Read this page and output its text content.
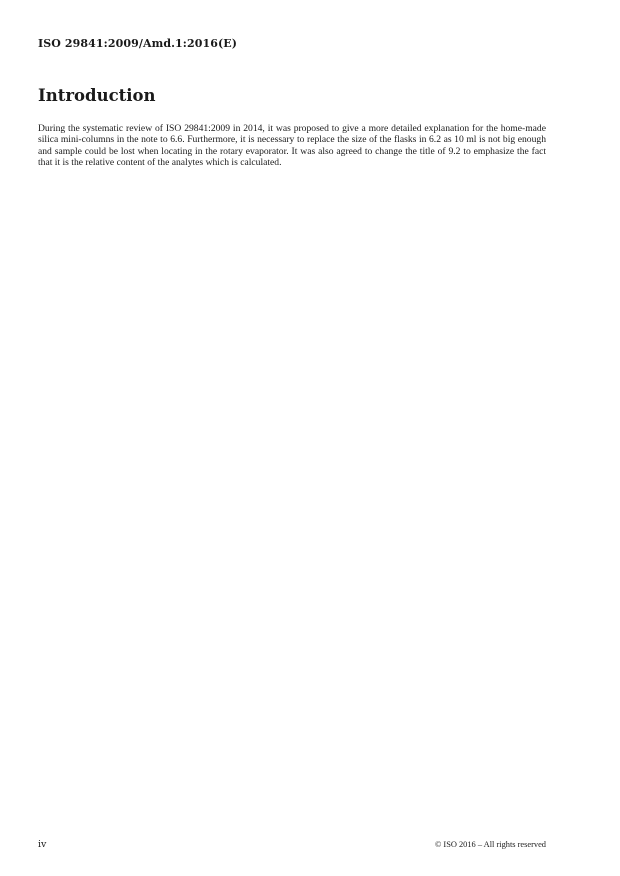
ISO 29841:2009/Amd.1:2016(E)
Introduction

During the systematic review of ISO 29841:2009 in 2014, it was proposed to give a more detailed explanation for the home-made silica mini-columns in the note to 6.6. Furthermore, it is necessary to replace the size of the flasks in 6.2 as 10 ml is not big enough and sample could be lost when locating in the rotary evaporator. It was also agreed to change the title of 9.2 to emphasize the fact that it is the relative content of the analytes which is calculated.

iv	© ISO 2016 – All rights reserved
